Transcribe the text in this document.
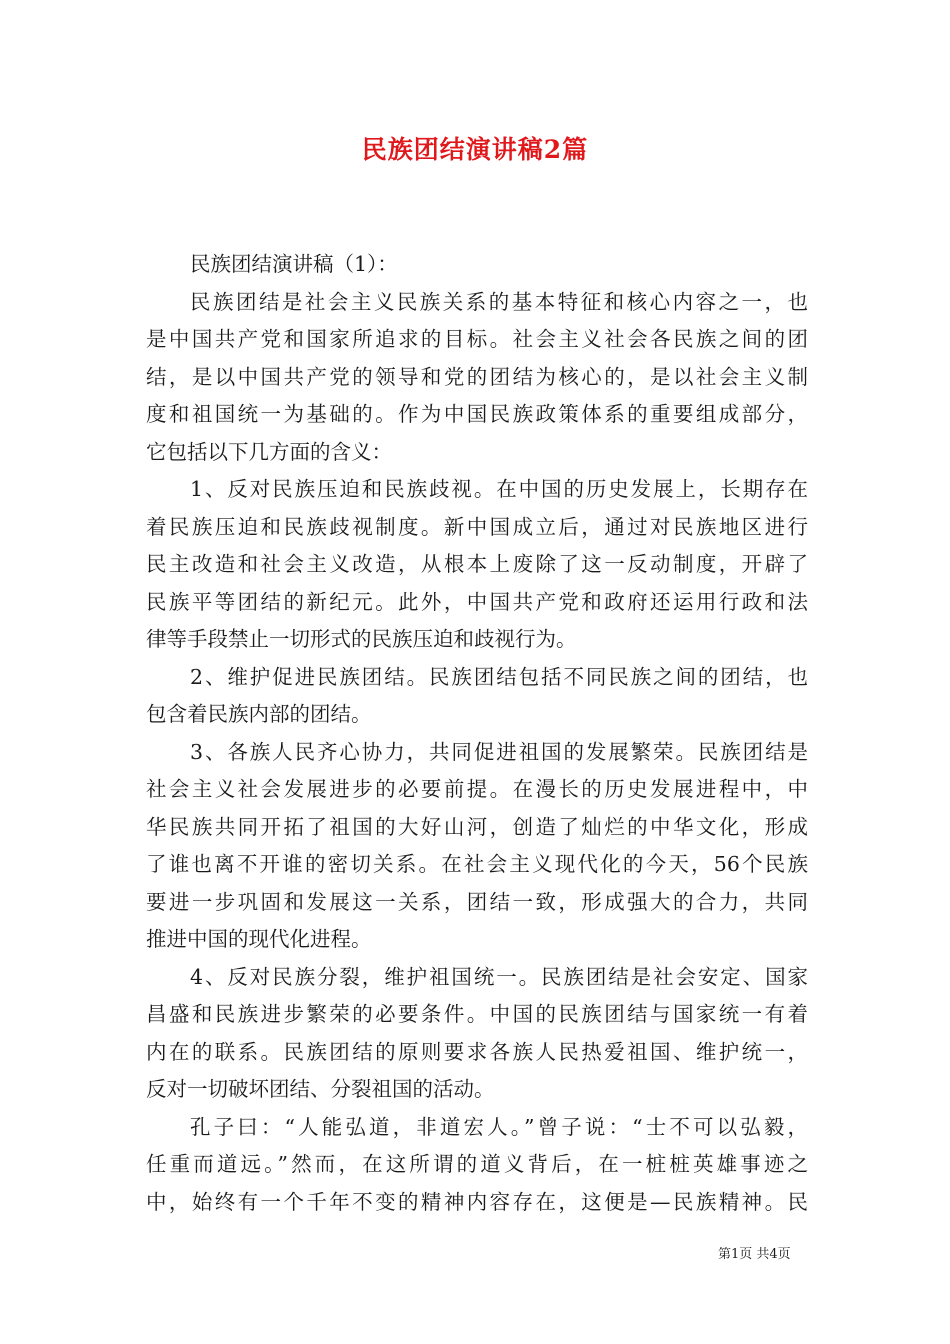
民族团结演讲稿2篇
民族团结演讲稿（1）：
民族团结是社会主义民族关系的基本特征和核心内容之一，也
是中国共产党和国家所追求的目标。社会主义社会各民族之间的团
结，是以中国共产党的领导和党的团结为核心的，是以社会主义制
度和祖国统一为基础的。作为中国民族政策体系的重要组成部分，
它包括以下几方面的含义：
1、反对民族压迫和民族歧视。在中国的历史发展上，长期存在
着民族压迫和民族歧视制度。新中国成立后，通过对民族地区进行
民主改造和社会主义改造，从根本上废除了这一反动制度，开辟了
民族平等团结的新纪元。此外，中国共产党和政府还运用行政和法
律等手段禁止一切形式的民族压迫和歧视行为。
2、维护促进民族团结。民族团结包括不同民族之间的团结，也
包含着民族内部的团结。
3、各族人民齐心协力，共同促进祖国的发展繁荣。民族团结是
社会主义社会发展进步的必要前提。在漫长的历史发展进程中，中
华民族共同开拓了祖国的大好山河，创造了灿烂的中华文化，形成
了谁也离不开谁的密切关系。在社会主义现代化的今天，56个民族
要进一步巩固和发展这一关系，团结一致，形成强大的合力，共同
推进中国的现代化进程。
4、反对民族分裂，维护祖国统一。民族团结是社会安定、国家
昌盛和民族进步繁荣的必要条件。中国的民族团结与国家统一有着
内在的联系。民族团结的原则要求各族人民热爱祖国、维护统一，
反对一切破坏团结、分裂祖国的活动。
孔子曰：“人能弘道，非道宏人。”曾子说：“士不可以弘毅，
任重而道远。”然而，在这所谓的道义背后，在一桩桩英雄事迹之
中，始终有一个千年不变的精神内容存在，这便是—民族精神。民
第1页 共4页
